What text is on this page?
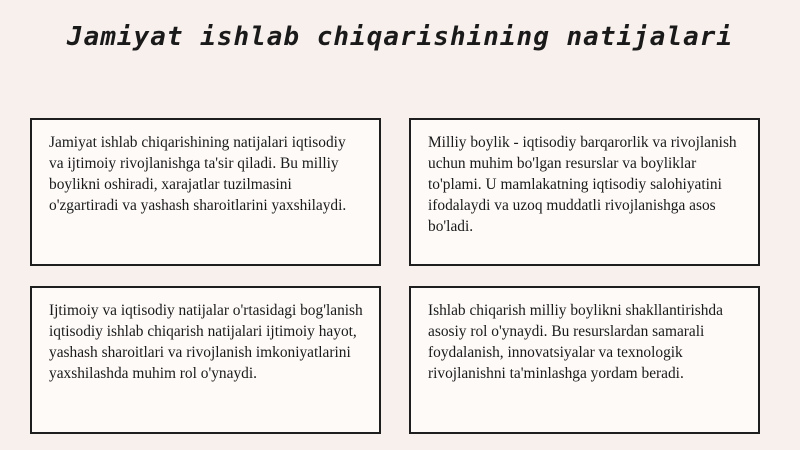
Jamiyat ishlab chiqarishining natijalari

Jamiyat ishlab chiqarishining natijalari iqtisodiy va ijtimoiy rivojlanishga ta'sir qiladi. Bu milliy boylikni oshiradi, xarajatlar tuzilmasini o'zgartiradi va yashash sharoitlarini yaxshilaydi.

Milliy boylik - iqtisodiy barqarorlik va rivojlanish uchun muhim bo'lgan resurslar va boyliklar to'plami. U mamlakatning iqtisodiy salohiyatini ifodalaydi va uzoq muddatli rivojlanishga asos bo'ladi.

Ijtimoiy va iqtisodiy natijalar o'rtasidagi bog'lanish iqtisodiy ishlab chiqarish natijalari ijtimoiy hayot, yashash sharoitlari va rivojlanish imkoniyatlarini yaxshilashda muhim rol o'ynaydi.

Ishlab chiqarish milliy boylikni shakllantirishda asosiy rol o'ynaydi. Bu resurslardan samarali foydalanish, innovatsiyalar va texnologik rivojlanishni ta'minlashga yordam beradi.
